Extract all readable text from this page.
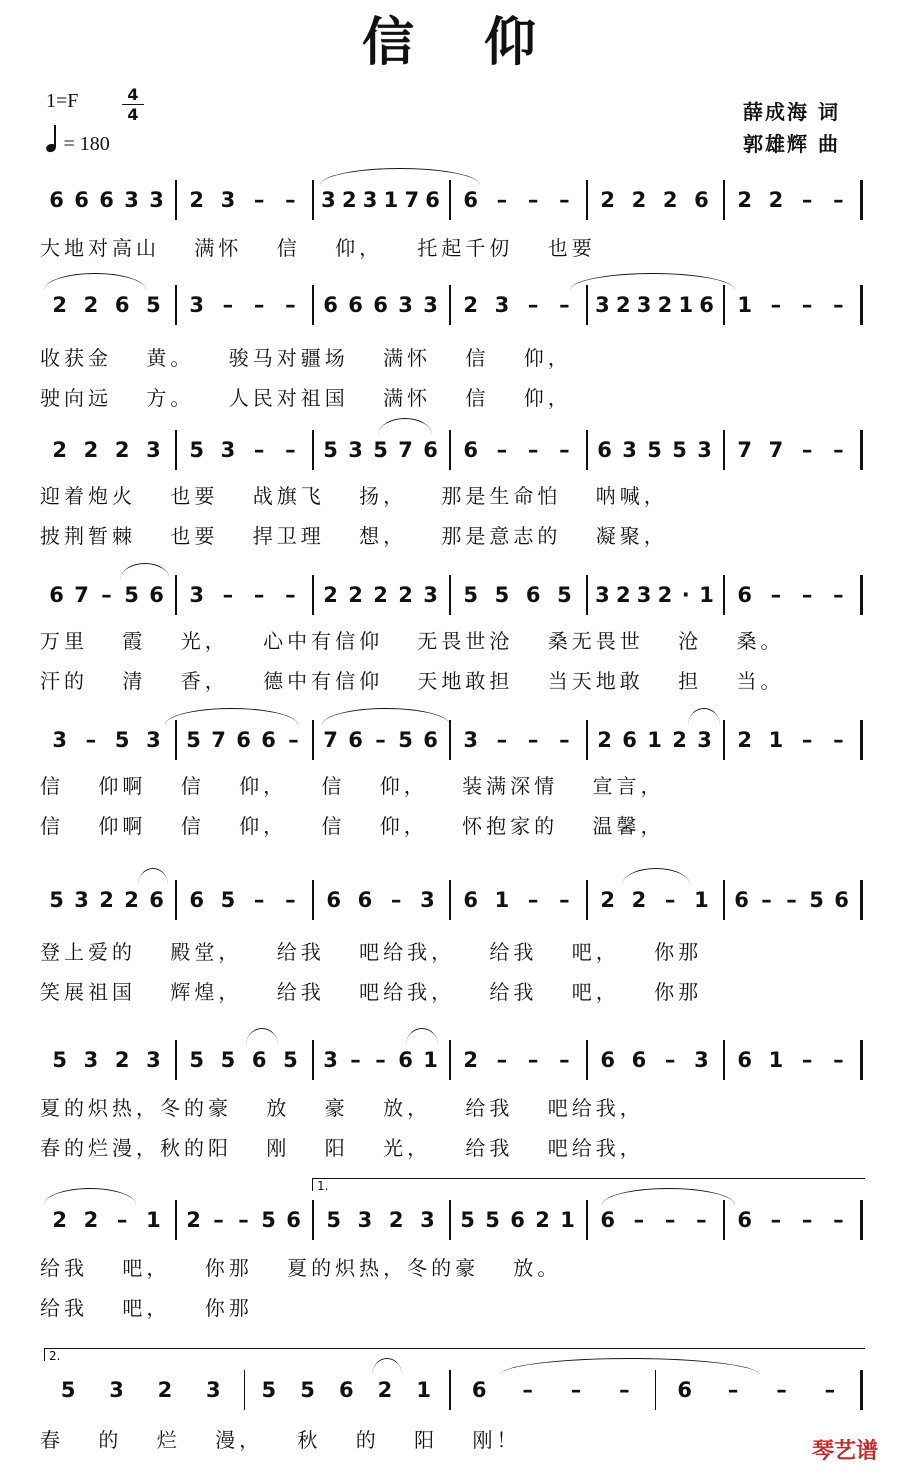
信仰
1=F	4
4
= 180
薛成海 词
郭雄辉 曲
6 6 6 3 3 2 3 – – 3 2 3 1 7 6 6 – – – 2 2 2 6 2 2 – –
大地对高山 满怀 信 仰， 托起千仞 也要
2 2 6 5 3 – – – 6 6 6 3 3 2 3 – – 3 2 3 2 1 6 1 – – –
收获金 黄。 骏马对疆场 满怀 信 仰，
驶向远 方。 人民对祖国 满怀 信 仰，
2 2 2 3 5 3 – – 5 3 5 7 6 6 – – – 6 3 5 5 3 7 7 – –
迎着炮火 也要 战旗飞 扬， 那是生命怕 呐喊，
披荆暂棘 也要 捍卫理 想， 那是意志的 凝聚，
6 7 – 5 6 3 – – – 2 2 2 2 3 5 5 6 5 3 2 3 2 · 1 6 – – –
万里 霞 光， 心中有信仰 无畏世沧 桑无畏世 沧 桑。
汗的 清 香， 德中有信仰 天地敢担 当天地敢 担 当。
3 – 5 3 5 7 6 6 – 7 6 – 5 6 3 – – – 2 6 1 2 3 2 1 – –
信 仰啊 信 仰， 信 仰， 装满深情 宣言，
信 仰啊 信 仰， 信 仰， 怀抱家的 温馨，
5 3 2 2 6 6 5 – – 6 6 – 3 6 1 – – 2 2 – 1 6 – – 5 6
登上爱的 殿堂， 给我 吧给我， 给我 吧， 你那
笑展祖国 辉煌， 给我 吧给我， 给我 吧， 你那
5 3 2 3 5 5 6 5 3 – – 6 1 2 – – – 6 6 – 3 6 1 – –
夏的炽热，冬的豪 放 豪 放， 给我 吧给我，
春的烂漫，秋的阳 刚 阳 光， 给我 吧给我，
2 2 – 1 2 – – 5 6 5 3 2 3 5 5 6 2 1 6 – – – 6 – – –
给我 吧， 你那 夏的炽热，冬的豪 放。
给我 吧， 你那
5 3 2 3 5 5 6 2 1 6 – – – 6 – – –
春 的 烂 漫， 秋 的 阳 刚！
1.
2.
琴艺谱
